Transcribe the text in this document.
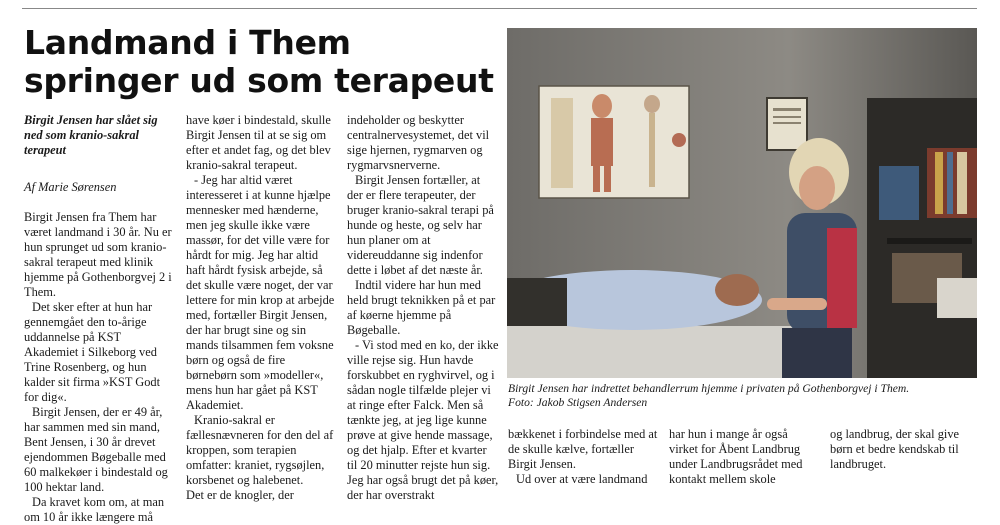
Landmand i Them springer ud som terapeut

Birgit Jensen har slået sig ned som kranio-sakral terapeut

Af Marie Sørensen

Birgit Jensen fra Them har været landmand i 30 år. Nu er hun sprunget ud som kranio-sakral terapeut med klinik hjemme på Gothenborgvej 2 i Them.

Det sker efter at hun har gennemgået den to-årige uddannelse på KST Akademiet i Silkeborg ved Trine Rosenberg, og hun kalder sit firma »KST Godt for dig«.

Birgit Jensen, der er 49 år, har sammen med sin mand, Bent Jensen, i 30 år drevet ejendommen Bøgeballe med 60 malkekøer i bindestald og 100 hektar land.

Da kravet kom om, at man om 10 år ikke længere må

have køer i bindestald, skulle Birgit Jensen til at se sig om efter et andet fag, og det blev kranio-sakral terapeut.

- Jeg har altid været interesseret i at kunne hjælpe mennesker med hænderne, men jeg skulle ikke være massør, for det ville være for hårdt for mig. Jeg har altid haft hårdt fysisk arbejde, så det skulle være noget, der var lettere for min krop at arbejde med, fortæller Birgit Jensen, der har brugt sine og sin mands tilsammen fem voksne børn og også de fire børnebørn som »modeller«, mens hun har gået på KST Akademiet.

Kranio-sakral er fællesnævneren for den del af kroppen, som terapien omfatter: kraniet, rygsøjlen, korsbenet og halebenet.

Det er de knogler, der

indeholder og beskytter centralnervesystemet, det vil sige hjernen, rygmarven og rygmarvsnerverne.

Birgit Jensen fortæller, at der er flere terapeuter, der bruger kranio-sakral terapi på hunde og heste, og selv har hun planer om at videreuddanne sig indenfor dette i løbet af det næste år.

Indtil videre har hun med held brugt teknikken på et par af køerne hjemme på Bøgeballe.

- Vi stod med en ko, der ikke ville rejse sig. Hun havde forskubbet en ryghvirvel, og i sådan nogle tilfælde plejer vi at ringe efter Falck. Men så tænkte jeg, at jeg lige kunne prøve at give hende massage, og det hjalp. Efter et kvarter til 20 minutter rejste hun sig. Jeg har også brugt det på køer, der har overstrakt

Birgit Jensen har indrettet behandlerrum hjemme i privaten på Gothenborgvej i Them.
Foto: Jakob Stigsen Andersen

bækkenet i forbindelse med at de skulle kælve, fortæller Birgit Jensen.

Ud over at være landmand

har hun i mange år også virket for Åbent Landbrug under Landbrugsrådet med kontakt mellem skole

og landbrug, der skal give børn et bedre kendskab til landbruget.
